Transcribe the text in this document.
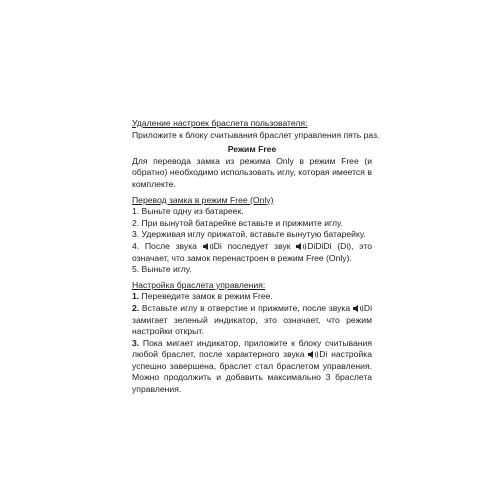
Удаление настроек браслета пользователя:
Приложите к блоку считывания браслет управления пять раз.
Режим Free
Для перевода замка из режима Only в режим Free (и обратно) необходимо использовать иглу, которая имеется в комплекте.
Перевод замка в режим Free (Only)
1. Выньте одну из батареек.
2. При вынутой батарейке вставьте и прижмите иглу.
3. Удерживая иглу прижатой, вставьте вынутую батарейку.
4. После звука Di последует звук DiDiDi (Di), это означает, что замок перенастроен в режим Free (Only).
5. Выньте иглу.
Настройка браслета управления:
1. Переведите замок в режим Free.
2. Вставьте иглу в отверстие и прижмите, после звука Di замигает зеленый индикатор, это означает, что режим настройки открыт.
3. Пока мигает индикатор, приложите к блоку считывания любой браслет, после характерного звука Di настройка успешно завершена, браслет стал браслетом управления. Можно продолжить и добавить максимально 3 браслета управления.
